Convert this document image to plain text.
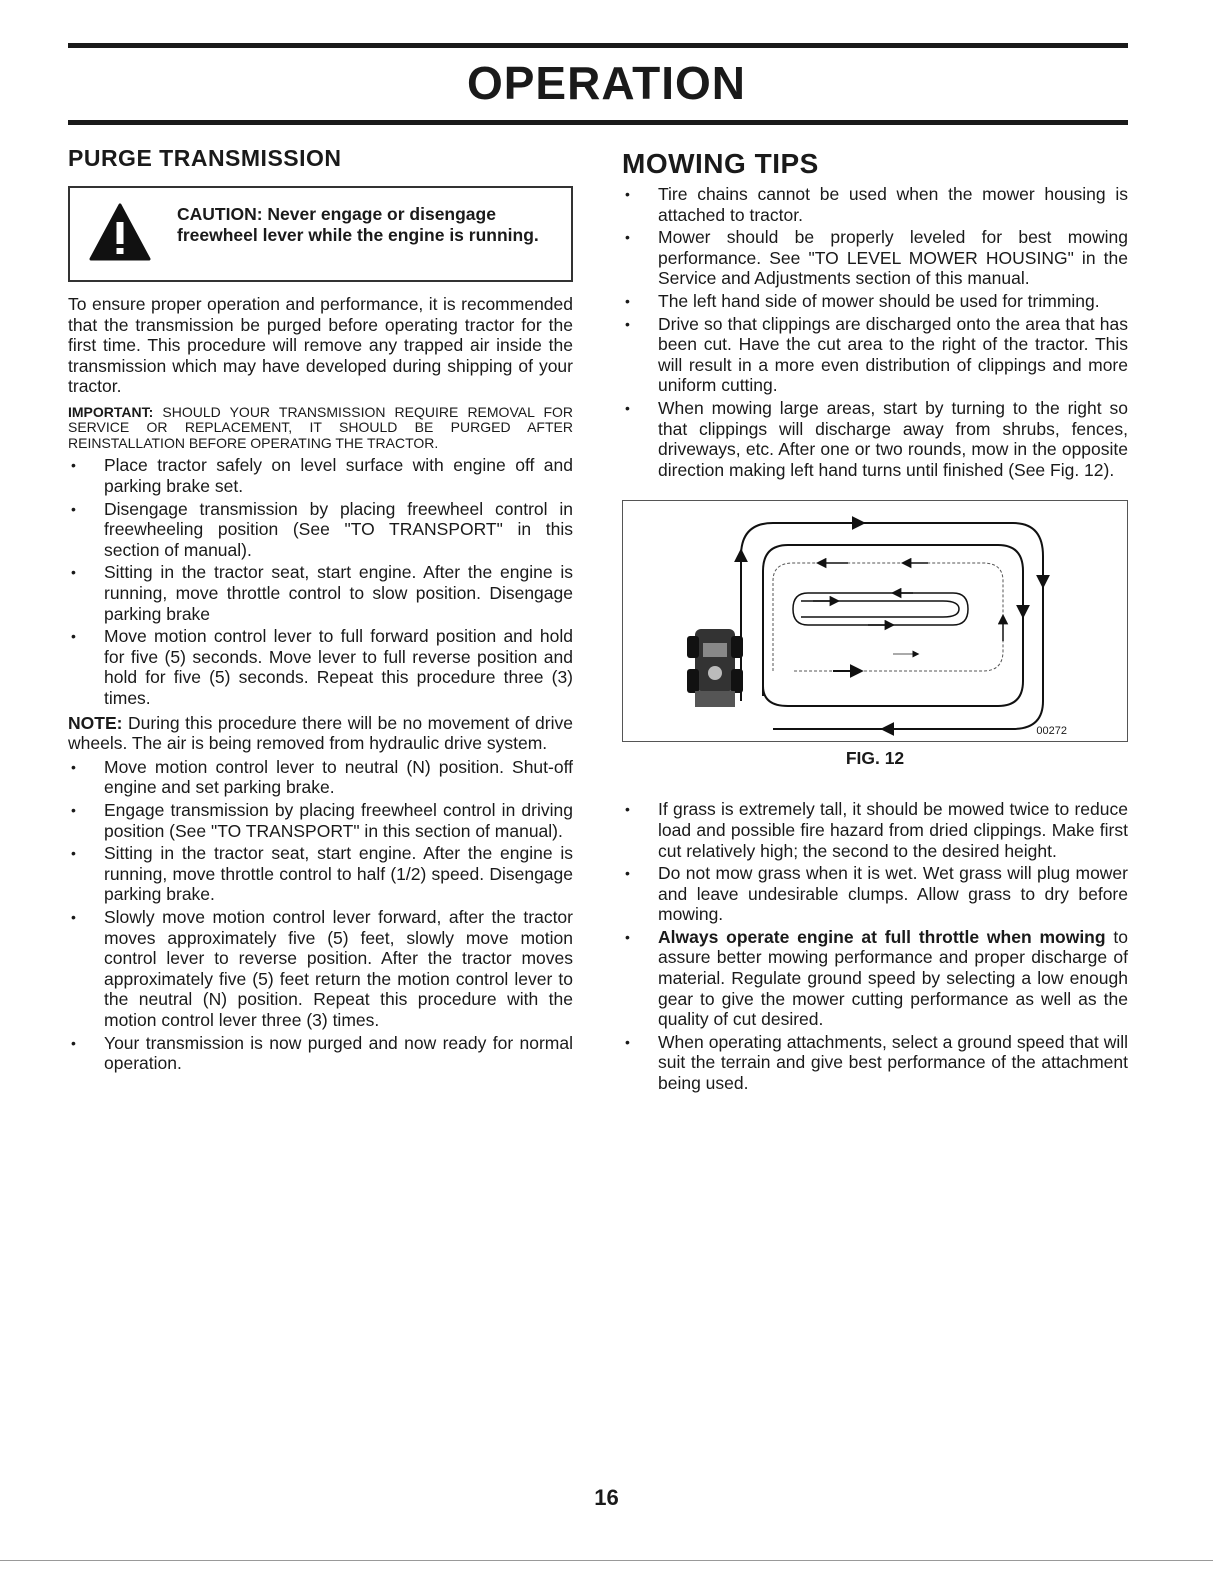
OPERATION
PURGE TRANSMISSION

CAUTION: Never engage or disengage freewheel lever while the engine is running.

To ensure proper operation and performance, it is recommended that the transmission be purged before operating tractor for the first time. This procedure will remove any trapped air inside the transmission which may have developed during shipping of your tractor.

IMPORTANT: SHOULD YOUR TRANSMISSION REQUIRE REMOVAL FOR SERVICE OR REPLACEMENT, IT SHOULD BE PURGED AFTER REINSTALLATION BEFORE OPERATING THE TRACTOR.

• Place tractor safely on level surface with engine off and parking brake set.
• Disengage transmission by placing freewheel control in freewheeling position (See "TO TRANSPORT" in this section of manual).
• Sitting in the tractor seat, start engine. After the engine is running, move throttle control to slow position. Disengage parking brake
• Move motion control lever to full forward position and hold for five (5) seconds. Move lever to full reverse position and hold for five (5) seconds. Repeat this procedure three (3) times.

NOTE: During this procedure there will be no movement of drive wheels. The air is being removed from hydraulic drive system.

• Move motion control lever to neutral (N) position. Shut-off engine and set parking brake.
• Engage transmission by placing freewheel control in driving position (See "TO TRANSPORT" in this section of manual).
• Sitting in the tractor seat, start engine. After the engine is running, move throttle control to half (1/2) speed. Disengage parking brake.
• Slowly move motion control lever forward, after the tractor moves approximately five (5) feet, slowly move motion control lever to reverse position. After the tractor moves approximately five (5) feet return the motion control lever to the neutral (N) position. Repeat this procedure with the motion control lever three (3) times.
• Your transmission is now purged and now ready for normal operation.
MOWING TIPS
• Tire chains cannot be used when the mower housing is attached to tractor.
• Mower should be properly leveled for best mowing performance. See "TO LEVEL MOWER HOUSING" in the Service and Adjustments section of this manual.
• The left hand side of mower should be used for trimming.
• Drive so that clippings are discharged onto the area that has been cut. Have the cut area to the right of the tractor. This will result in a more even distribution of clippings and more uniform cutting.
• When mowing large areas, start by turning to the right so that clippings will discharge away from shrubs, fences, driveways, etc. After one or two rounds, mow in the opposite direction making left hand turns until finished (See Fig. 12).
00272
FIG. 12
• If grass is extremely tall, it should be mowed twice to reduce load and possible fire hazard from dried clippings. Make first cut relatively high; the second to the desired height.
• Do not mow grass when it is wet. Wet grass will plug mower and leave undesirable clumps. Allow grass to dry before mowing.
• Always operate engine at full throttle when mowing to assure better mowing performance and proper discharge of material. Regulate ground speed by selecting a low enough gear to give the mower cutting performance as well as the quality of cut desired.
• When operating attachments, select a ground speed that will suit the terrain and give best performance of the attachment being used.
16
